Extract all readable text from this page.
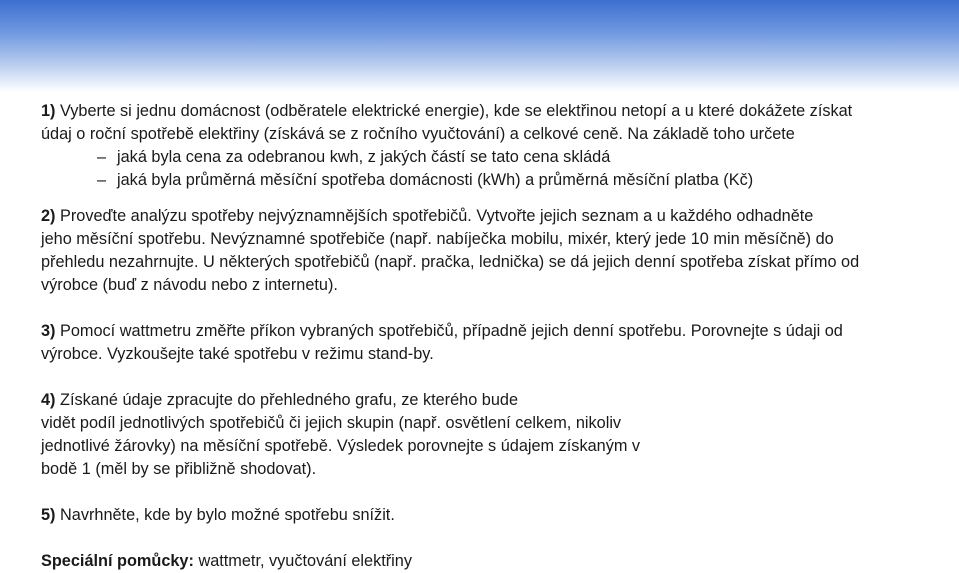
1) Vyberte si jednu domácnost (odběratele elektrické energie), kde se elektřinou netopí a u které dokážete získat
údaj o roční spotřebě elektřiny (získává se z ročního vyučtování) a celkové ceně. Na základě toho určete
– jaká byla cena za odebranou kwh, z jakých částí se tato cena skládá
– jaká byla průměrná měsíční spotřeba domácnosti (kWh) a průměrná měsíční platba (Kč)
2) Proveďte analýzu spotřeby nejvýznamnějších spotřebičů. Vytvořte jejich seznam a u každého odhadněte
jeho měsíční spotřebu. Nevýznamné spotřebiče (např. nabíječka mobilu, mixér, který jede 10 min měsíčně) do
přehledu nezahrnujte. U některých spotřebičů (např. pračka, lednička) se dá jejich denní spotřeba získat přímo od
výrobce (buď z návodu nebo z internetu).
3) Pomocí wattmetru změřte příkon vybraných spotřebičů, případně jejich denní spotřebu. Porovnejte s údaji od
výrobce. Vyzkoušejte také spotřebu v režimu stand-by.
4) Získané údaje zpracujte do přehledného grafu, ze kterého bude
vidět podíl jednotlivých spotřebičů či jejich skupin (např. osvětlení celkem, nikoliv
jednotlivé žárovky) na měsíční spotřebě. Výsledek porovnejte s údajem získaným v
bodě 1 (měl by se přibližně shodovat).
5) Navrhněte, kde by bylo možné spotřebu snížit.
Speciální pomůcky: wattmetr, vyučtování elektřiny
